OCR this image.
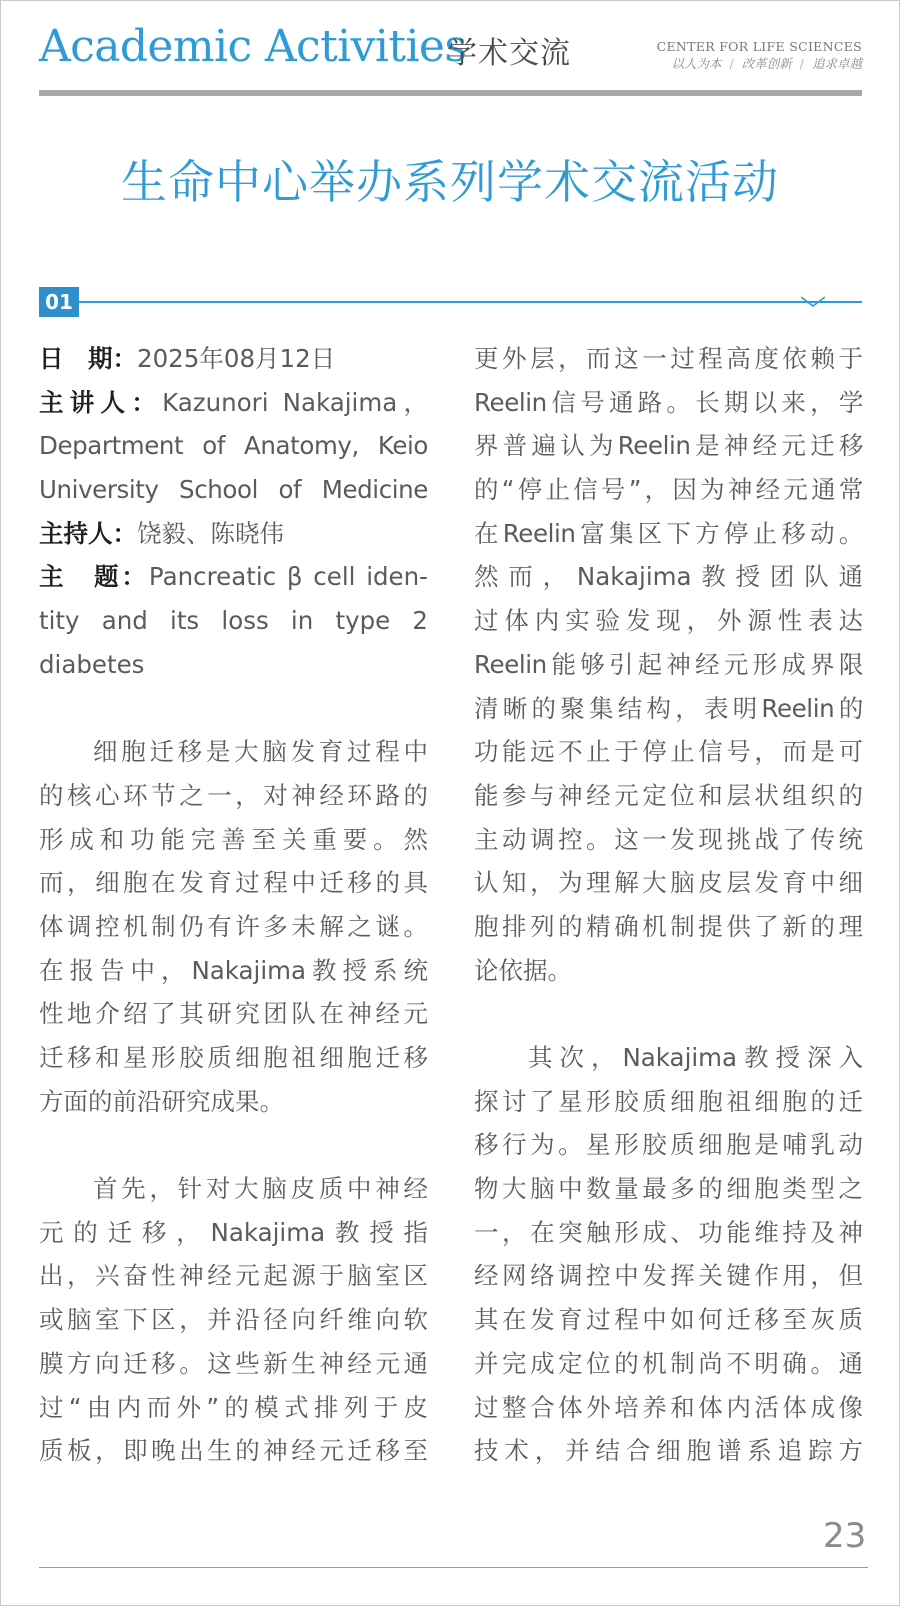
Academic Activities
学术交流	CENTER FOR LIFE SCIENCES
以人为本 / 改革创新 / 追求卓越
生命中心举办系列学术交流活动
01
日　期：2025年08月12日
主讲人：Kazunori Nakajima，
Department of Anatomy, Keio
University School of Medicine
主持人：饶毅、陈晓伟
主　题：Pancreatic β cell iden-
tity and its loss in type 2
diabetes
细胞迁移是大脑发育过程中
的核心环节之一，对神经环路的
形成和功能完善至关重要。然
而，细胞在发育过程中迁移的具
体调控机制仍有许多未解之谜。
在报告中，Nakajima教授系统
性地介绍了其研究团队在神经元
迁移和星形胶质细胞祖细胞迁移
方面的前沿研究成果。
首先，针对大脑皮质中神经
元的迁移，Nakajima教授指
出，兴奋性神经元起源于脑室区
或脑室下区，并沿径向纤维向软
膜方向迁移。这些新生神经元通
过“由内而外”的模式排列于皮
质板，即晚出生的神经元迁移至
更外层，而这一过程高度依赖于
Reelin信号通路。长期以来，学
界普遍认为Reelin是神经元迁移
的“停止信号”，因为神经元通常
在Reelin富集区下方停止移动。
然而，Nakajima教授团队通
过体内实验发现，外源性表达
Reelin能够引起神经元形成界限
清晰的聚集结构，表明Reelin的
功能远不止于停止信号，而是可
能参与神经元定位和层状组织的
主动调控。这一发现挑战了传统
认知，为理解大脑皮层发育中细
胞排列的精确机制提供了新的理
论依据。
其次，Nakajima教授深入
探讨了星形胶质细胞祖细胞的迁
移行为。星形胶质细胞是哺乳动
物大脑中数量最多的细胞类型之
一，在突触形成、功能维持及神
经网络调控中发挥关键作用，但
其在发育过程中如何迁移至灰质
并完成定位的机制尚不明确。通
过整合体外培养和体内活体成像
技术，并结合细胞谱系追踪方
23
